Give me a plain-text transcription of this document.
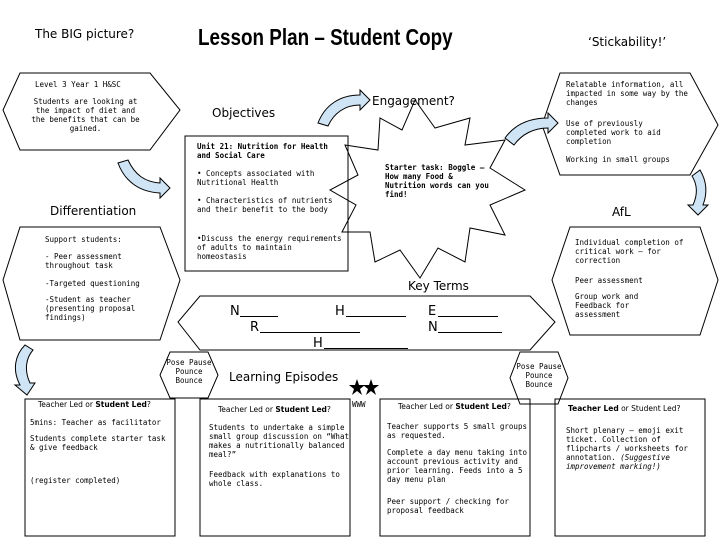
The BIG picture?	Lesson Plan – Student Copy	‘Stickability!’
Level 3 Year 1 H&SC
Students are looking at the impact of diet and the benefits that can be gained.
Objectives
Unit 21: Nutrition for Health and Social Care
• Concepts associated with Nutritional Health
• Characteristics of nutrients and their benefit to the body
•Discuss the energy requirements of adults to maintain homeostasis
Engagement?
Starter task: Boggle –How many Food & Nutrition words can you find!
Relatable information, all impacted in some way by the changes
Use of previously completed work to aid completion
Working in small groups
Differentiation
Support students:
- Peer assessment throughout task
-Targeted questioning
-Student as teacher (presenting proposal findings)
AfL
Individual completion of critical work – for correction
Peer assessment
Group work and Feedback for assessment
Key Terms
N	H	E
R	N
H
Pose Pause Pounce Bounce
Pose Pause Pounce Bounce
Learning Episodes
WWW
Teacher Led or Student Led?
Teacher Led or Student Led?	Teacher Led or Student Led?	Teacher Led or Student Led?
5mins: Teacher as facilitator
Students complete starter task & give feedback
(register completed)
Students to undertake a simple small group discussion on “What makes a nutritionally balanced meal?”
Feedback with explanations to whole class.
Teacher supports 5 small groups as requested.
Complete a day menu taking into account previous activity and prior learning. Feeds into a 5 day menu plan
Peer support / checking for proposal feedback
Short plenary – emoji exit ticket. Collection of flipcharts / worksheets for annotation. (Suggestive improvement marking!)
